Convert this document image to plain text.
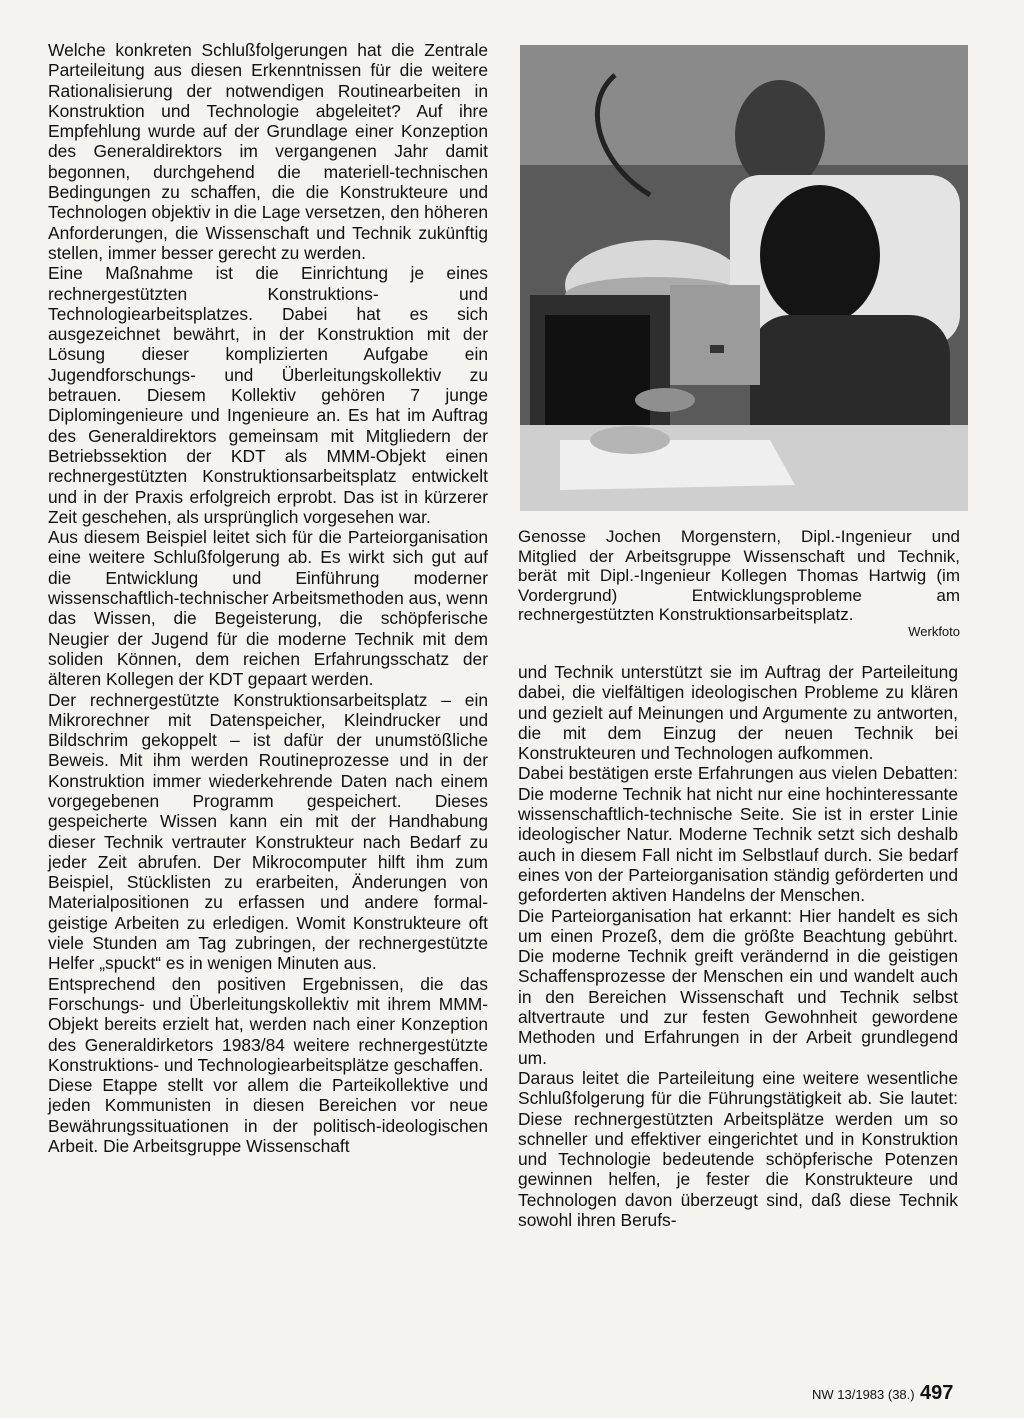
Welche konkreten Schlußfolgerungen hat die Zentrale Parteileitung aus diesen Erkenntnissen für die weitere Rationalisierung der notwendigen Routinearbeiten in Konstruktion und Technologie abgeleitet? Auf ihre Empfehlung wurde auf der Grundlage einer Konzeption des Generaldirektors im vergangenen Jahr damit begonnen, durchgehend die materiell-technischen Bedingungen zu schaffen, die die Konstrukteure und Technologen objektiv in die Lage versetzen, den höheren Anforderungen, die Wissenschaft und Technik zukünftig stellen, immer besser gerecht zu werden.

Eine Maßnahme ist die Einrichtung je eines rechnergestützten Konstruktions- und Technologiearbeitsplatzes. Dabei hat es sich ausgezeichnet bewährt, in der Konstruktion mit der Lösung dieser komplizierten Aufgabe ein Jugendforschungs- und Überleitungskollektiv zu betrauen. Diesem Kollektiv gehören 7 junge Diplomingenieure und Ingenieure an. Es hat im Auftrag des Generaldirektors gemeinsam mit Mitgliedern der Betriebssektion der KDT als MMM-Objekt einen rechnergestützten Konstruktionsarbeitsplatz entwickelt und in der Praxis erfolgreich erprobt. Das ist in kürzerer Zeit geschehen, als ursprünglich vorgesehen war.

Aus diesem Beispiel leitet sich für die Parteiorganisation eine weitere Schlußfolgerung ab. Es wirkt sich gut auf die Entwicklung und Einführung moderner wissenschaftlich-technischer Arbeitsmethoden aus, wenn das Wissen, die Begeisterung, die schöpferische Neugier der Jugend für die moderne Technik mit dem soliden Können, dem reichen Erfahrungsschatz der älteren Kollegen der KDT gepaart werden.

Der rechnergestützte Konstruktionsarbeitsplatz – ein Mikrorechner mit Datenspeicher, Kleindrucker und Bildschrim gekoppelt – ist dafür der unumstößliche Beweis. Mit ihm werden Routineprozesse und in der Konstruktion immer wiederkehrende Daten nach einem vorgegebenen Programm gespeichert. Dieses gespeicherte Wissen kann ein mit der Handhabung dieser Technik vertrauter Konstrukteur nach Bedarf zu jeder Zeit abrufen. Der Mikrocomputer hilft ihm zum Beispiel, Stücklisten zu erarbeiten, Änderungen von Materialpositionen zu erfassen und andere formal-geistige Arbeiten zu erledigen. Womit Konstrukteure oft viele Stunden am Tag zubringen, der rechnergestützte Helfer „spuckt“ es in wenigen Minuten aus.

Entsprechend den positiven Ergebnissen, die das Forschungs- und Überleitungskollektiv mit ihrem MMM-Objekt bereits erzielt hat, werden nach einer Konzeption des Generaldirketors 1983/84 weitere rechnergestützte Konstruktions- und Technologiearbeitsplätze geschaffen.

Diese Etappe stellt vor allem die Parteikollektive und jeden Kommunisten in diesen Bereichen vor neue Bewährungssituationen in der politisch-ideologischen Arbeit. Die Arbeitsgruppe Wissenschaft

Genosse Jochen Morgenstern, Dipl.-Ingenieur und Mitglied der Arbeitsgruppe Wissenschaft und Technik, berät mit Dipl.-Ingenieur Kollegen Thomas Hartwig (im Vordergrund) Entwicklungsprobleme am rechnergestützten Konstruktionsarbeitsplatz.
Werkfoto

und Technik unterstützt sie im Auftrag der Parteileitung dabei, die vielfältigen ideologischen Probleme zu klären und gezielt auf Meinungen und Argumente zu antworten, die mit dem Einzug der neuen Technik bei Konstrukteuren und Technologen aufkommen.

Dabei bestätigen erste Erfahrungen aus vielen Debatten: Die moderne Technik hat nicht nur eine hochinteressante wissenschaftlich-technische Seite. Sie ist in erster Linie ideologischer Natur. Moderne Technik setzt sich deshalb auch in diesem Fall nicht im Selbstlauf durch. Sie bedarf eines von der Parteiorganisation ständig geförderten und geforderten aktiven Handelns der Menschen.

Die Parteiorganisation hat erkannt: Hier handelt es sich um einen Prozeß, dem die größte Beachtung gebührt. Die moderne Technik greift verändernd in die geistigen Schaffensprozesse der Menschen ein und wandelt auch in den Bereichen Wissenschaft und Technik selbst altvertraute und zur festen Gewohnheit gewordene Methoden und Erfahrungen in der Arbeit grundlegend um.

Daraus leitet die Parteileitung eine weitere wesentliche Schlußfolgerung für die Führungstätigkeit ab. Sie lautet: Diese rechnergestützten Arbeitsplätze werden um so schneller und effektiver eingerichtet und in Konstruktion und Technologie bedeutende schöpferische Potenzen gewinnen helfen, je fester die Konstrukteure und Technologen davon überzeugt sind, daß diese Technik sowohl ihren Berufs-

NW 13/1983 (38.) 497
